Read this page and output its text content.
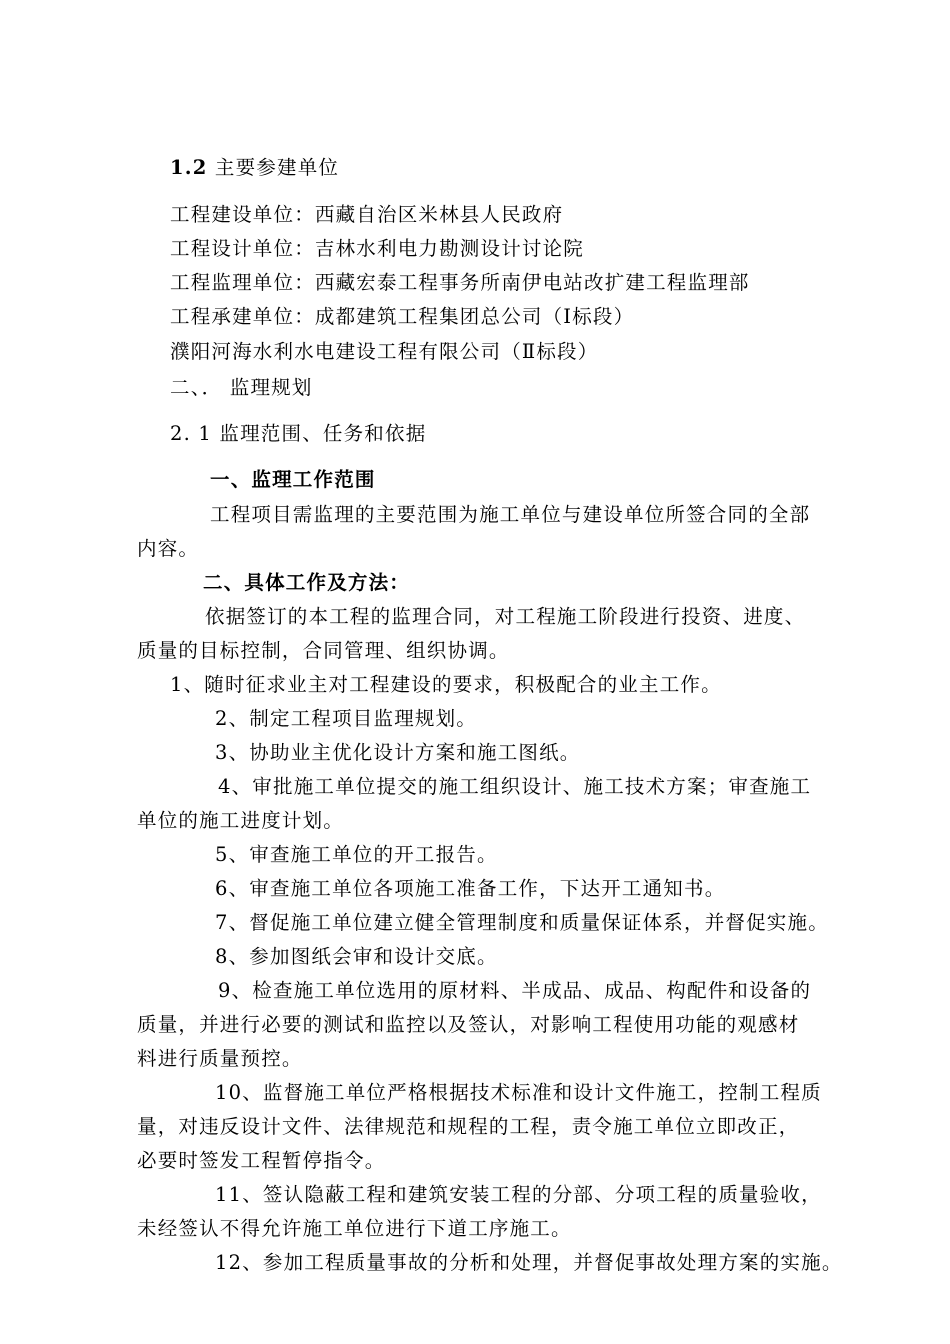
1.2 主要参建单位

工程建设单位：西藏自治区米林县人民政府

工程设计单位：吉林水利电力勘测设计讨论院

工程监理单位：西藏宏泰工程事务所南伊电站改扩建工程监理部

工程承建单位：成都建筑工程集团总公司（Ⅰ标段）

濮阳河海水利水电建设工程有限公司（Ⅱ标段）

二、． 监理规划

2. 1 监理范围、任务和依据

一、监理工作范围

工程项目需监理的主要范围为施工单位与建设单位所签合同的全部

内容。

二、具体工作及方法：

依据签订的本工程的监理合同，对工程施工阶段进行投资、进度、

质量的目标控制，合同管理、组织协调。

1、随时征求业主对工程建设的要求，积极配合的业主工作。

2、制定工程项目监理规划。

3、协助业主优化设计方案和施工图纸。

4、审批施工单位提交的施工组织设计、施工技术方案；审查施工

单位的施工进度计划。

5、审查施工单位的开工报告。

6、审查施工单位各项施工准备工作，下达开工通知书。

7、督促施工单位建立健全管理制度和质量保证体系，并督促实施。

8、参加图纸会审和设计交底。

9、检查施工单位选用的原材料、半成品、成品、构配件和设备的

质量，并进行必要的测试和监控以及签认，对影响工程使用功能的观感材

料进行质量预控。

10、监督施工单位严格根据技术标准和设计文件施工，控制工程质

量，对违反设计文件、法律规范和规程的工程，责令施工单位立即改正，

必要时签发工程暂停指令。

11、签认隐蔽工程和建筑安装工程的分部、分项工程的质量验收，

未经签认不得允许施工单位进行下道工序施工。

12、参加工程质量事故的分析和处理，并督促事故处理方案的实施。
